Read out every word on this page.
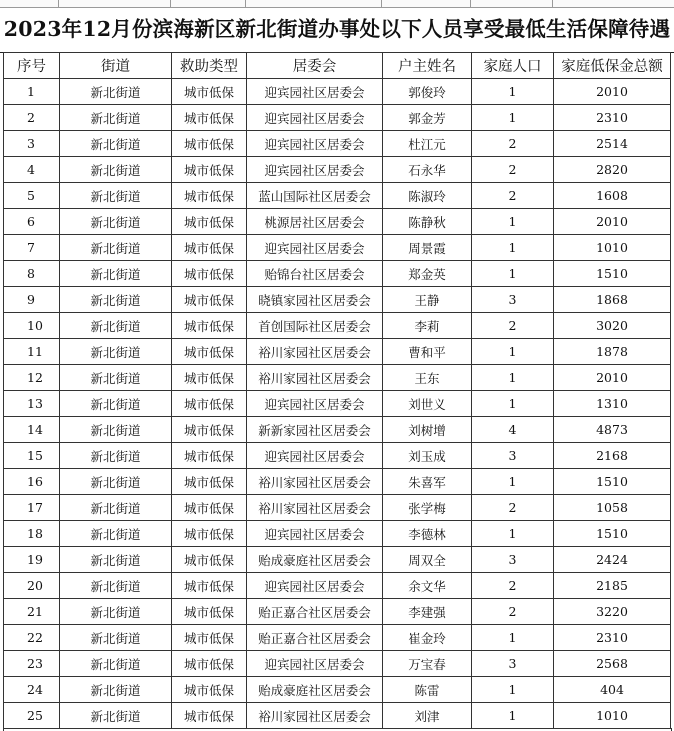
2023年12月份滨海新区新北街道办事处以下人员享受最低生活保障待遇
序号	街道	救助类型	居委会	户主姓名	家庭人口	家庭低保金总额
1	新北街道	城市低保	迎宾园社区居委会	郭俊玲	1	2010
2	新北街道	城市低保	迎宾园社区居委会	郭金芳	1	2310
3	新北街道	城市低保	迎宾园社区居委会	杜江元	2	2514
4	新北街道	城市低保	迎宾园社区居委会	石永华	2	2820
5	新北街道	城市低保	蓝山国际社区居委会	陈淑玲	2	1608
6	新北街道	城市低保	桃源居社区居委会	陈静秋	1	2010
7	新北街道	城市低保	迎宾园社区居委会	周景霞	1	1010
8	新北街道	城市低保	贻锦台社区居委会	郑金英	1	1510
9	新北街道	城市低保	晓镇家园社区居委会	王静	3	1868
10	新北街道	城市低保	首创国际社区居委会	李莉	2	3020
11	新北街道	城市低保	裕川家园社区居委会	曹和平	1	1878
12	新北街道	城市低保	裕川家园社区居委会	王东	1	2010
13	新北街道	城市低保	迎宾园社区居委会	刘世义	1	1310
14	新北街道	城市低保	新新家园社区居委会	刘树增	4	4873
15	新北街道	城市低保	迎宾园社区居委会	刘玉成	3	2168
16	新北街道	城市低保	裕川家园社区居委会	朱喜军	1	1510
17	新北街道	城市低保	裕川家园社区居委会	张学梅	2	1058
18	新北街道	城市低保	迎宾园社区居委会	李德林	1	1510
19	新北街道	城市低保	贻成豪庭社区居委会	周双全	3	2424
20	新北街道	城市低保	迎宾园社区居委会	余文华	2	2185
21	新北街道	城市低保	贻正嘉合社区居委会	李建强	2	3220
22	新北街道	城市低保	贻正嘉合社区居委会	崔金玲	1	2310
23	新北街道	城市低保	迎宾园社区居委会	万宝春	3	2568
24	新北街道	城市低保	贻成豪庭社区居委会	陈雷	1	404
25	新北街道	城市低保	裕川家园社区居委会	刘津	1	1010
